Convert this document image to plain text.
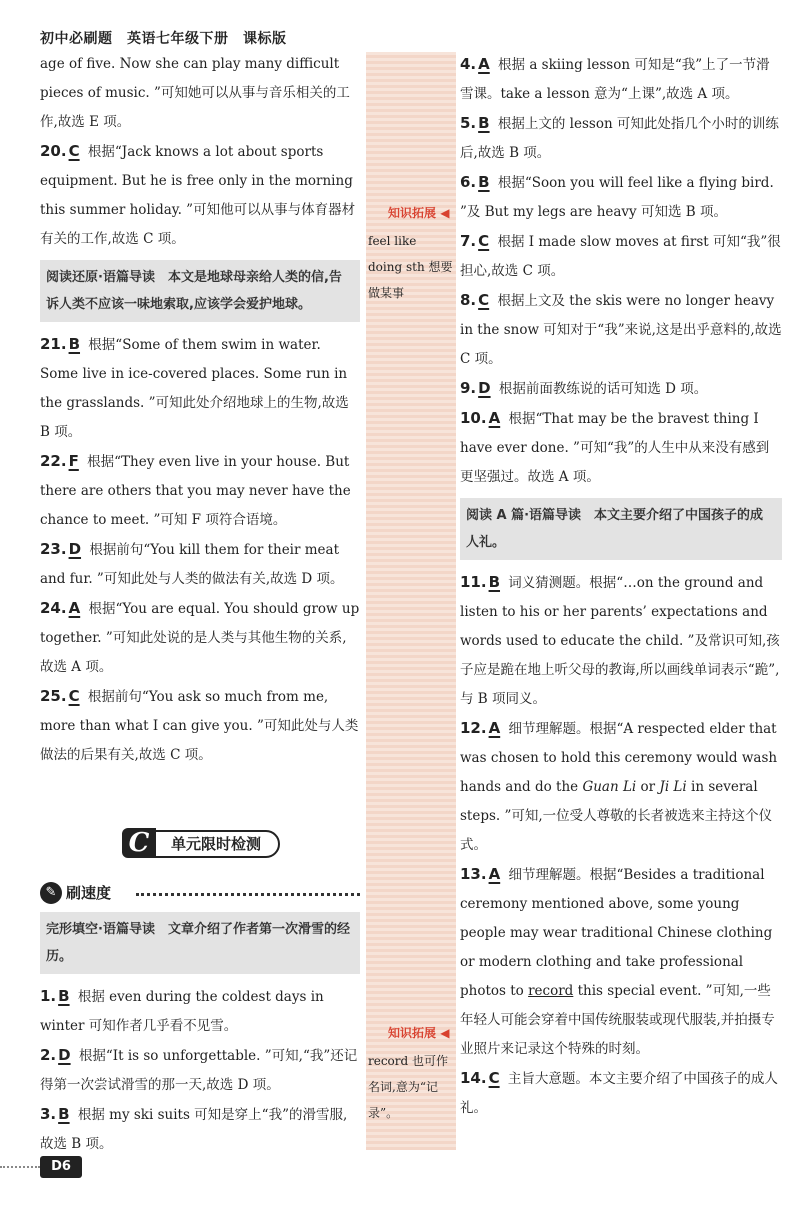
初中必刷题　英语七年级下册　课标版
知识拓展 ◀
feel like doing sth 想要做某事
知识拓展 ◀
record 也可作名词,意为“记录”。

age of five. Now she can play many difficult pieces of music. ”可知她可以从事与音乐相关的工作,故选 E 项。

20. C 根据“Jack knows a lot about sports equipment. But he is free only in the morning this summer holiday. ”可知他可以从事与体育器材有关的工作,故选 C 项。

阅读还原·语篇导读　本文是地球母亲给人类的信,告诉人类不应该一味地索取,应该学会爱护地球。

21. B 根据“Some of them swim in water. Some live in ice-covered places. Some run in the grasslands. ”可知此处介绍地球上的生物,故选 B 项。

22. F 根据“They even live in your house. But there are others that you may never have the chance to meet. ”可知 F 项符合语境。

23. D 根据前句“You kill them for their meat and fur. ”可知此处与人类的做法有关,故选 D 项。

24. A 根据“You are equal. You should grow up together. ”可知此处说的是人类与其他生物的关系,故选 A 项。

25. C 根据前句“You ask so much from me, more than what I can give you. ”可知此处与人类做法的后果有关,故选 C 项。

C	单元限时检测
✎ 刷速度
完形填空·语篇导读　文章介绍了作者第一次滑雪的经历。

1. B 根据 even during the coldest days in winter 可知作者几乎看不见雪。

2. D 根据“It is so unforgettable. ”可知,“我”还记得第一次尝试滑雪的那一天,故选 D 项。

3. B 根据 my ski suits 可知是穿上“我”的滑雪服,故选 B 项。

4. A 根据 a skiing lesson 可知是“我”上了一节滑雪课。take a lesson 意为“上课”,故选 A 项。

5. B 根据上文的 lesson 可知此处指几个小时的训练后,故选 B 项。

6. B 根据“Soon you will feel like a flying bird. ”及 But my legs are heavy 可知选 B 项。

7. C 根据 I made slow moves at first 可知“我”很担心,故选 C 项。

8. C 根据上文及 the skis were no longer heavy in the snow 可知对于“我”来说,这是出乎意料的,故选 C 项。

9. D 根据前面教练说的话可知选 D 项。

10. A 根据“That may be the bravest thing I have ever done. ”可知“我”的人生中从来没有感到更坚强过。故选 A 项。

阅读 A 篇·语篇导读　本文主要介绍了中国孩子的成人礼。

11. B 词义猜测题。根据“…on the ground and listen to his or her parents’ expectations and words used to educate the child. ”及常识可知,孩子应是跪在地上听父母的教诲,所以画线单词表示“跪”,与 B 项同义。

12. A 细节理解题。根据“A respected elder that was chosen to hold this ceremony would wash hands and do the Guan Li or Ji Li in several steps. ”可知,一位受人尊敬的长者被选来主持这个仪式。

13. A 细节理解题。根据“Besides a traditional ceremony mentioned above, some young people may wear traditional Chinese clothing or modern clothing and take professional photos to record this special event. ”可知,一些年轻人可能会穿着中国传统服装或现代服装,并拍摄专业照片来记录这个特殊的时刻。

14. C 主旨大意题。本文主要介绍了中国孩子的成人礼。

D6
